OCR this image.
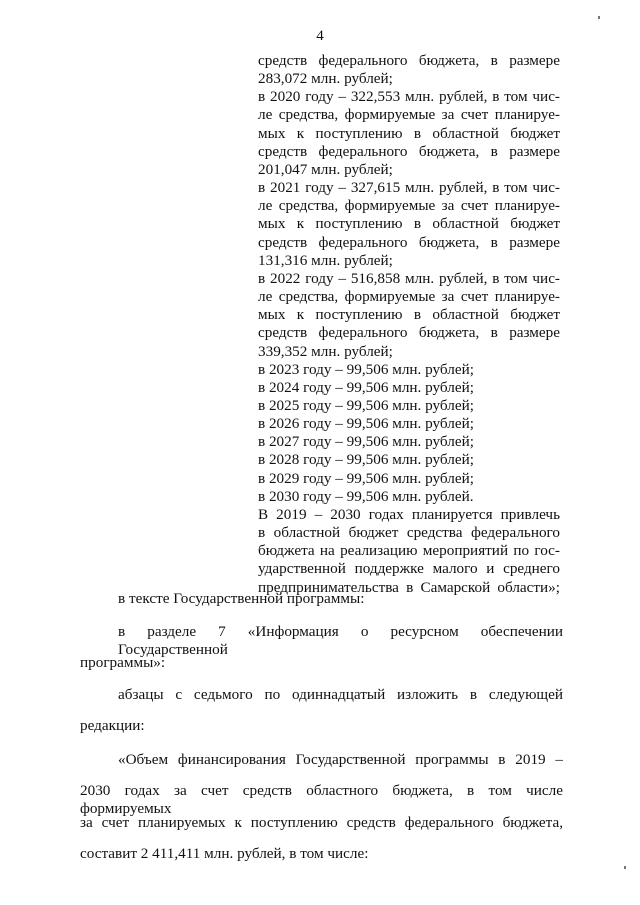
4
средств федерального бюджета, в размере
283,072 млн. рублей;
в 2020 году – 322,553 млн. рублей, в том чис-
ле средства, формируемые за счет планируе-
мых к поступлению в областной бюджет
средств федерального бюджета, в размере
201,047 млн. рублей;
в 2021 году – 327,615 млн. рублей, в том чис-
ле средства, формируемые за счет планируе-
мых к поступлению в областной бюджет
средств федерального бюджета, в размере
131,316 млн. рублей;
в 2022 году – 516,858 млн. рублей, в том чис-
ле средства, формируемые за счет планируе-
мых к поступлению в областной бюджет
средств федерального бюджета, в размере
339,352 млн. рублей;
в 2023 году – 99,506 млн. рублей;
в 2024 году – 99,506 млн. рублей;
в 2025 году – 99,506 млн. рублей;
в 2026 году – 99,506 млн. рублей;
в 2027 году – 99,506 млн. рублей;
в 2028 году – 99,506 млн. рублей;
в 2029 году – 99,506 млн. рублей;
в 2030 году – 99,506 млн. рублей.
В 2019 – 2030 годах планируется привлечь
в областной бюджет средства федерального
бюджета на реализацию мероприятий по гос-
ударственной поддержке малого и среднего
предпринимательства в Самарской области»;
в тексте Государственной программы:
в разделе 7 «Информация о ресурсном обеспечении Государственной
программы»:
абзацы с седьмого по одиннадцатый изложить в следующей
редакции:
«Объем финансирования Государственной программы в 2019 –
2030 годах за счет средств областного бюджета, в том числе формируемых
за счет планируемых к поступлению средств федерального бюджета,
составит 2 411,411 млн. рублей, в том числе:
